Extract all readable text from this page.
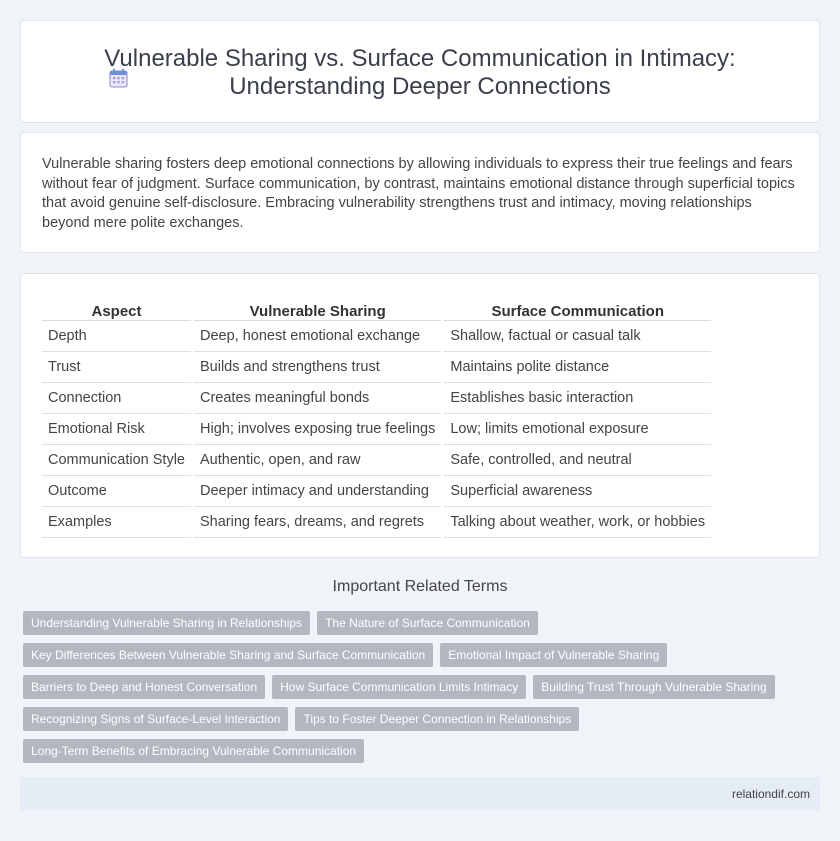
Vulnerable Sharing vs. Surface Communication in Intimacy:
Understanding Deeper Connections

Vulnerable sharing fosters deep emotional connections by allowing individuals to express their true feelings and fears without fear of judgment. Surface communication, by contrast, maintains emotional distance through superficial topics that avoid genuine self-disclosure. Embracing vulnerability strengthens trust and intimacy, moving relationships beyond mere polite exchanges.

Aspect	Vulnerable Sharing	Surface Communication
Depth	Deep, honest emotional exchange	Shallow, factual or casual talk
Trust	Builds and strengthens trust	Maintains polite distance
Connection	Creates meaningful bonds	Establishes basic interaction
Emotional Risk	High; involves exposing true feelings	Low; limits emotional exposure
Communication Style	Authentic, open, and raw	Safe, controlled, and neutral
Outcome	Deeper intimacy and understanding	Superficial awareness
Examples	Sharing fears, dreams, and regrets	Talking about weather, work, or hobbies
Important Related Terms
Understanding Vulnerable Sharing in Relationships	The Nature of Surface Communication
Key Differences Between Vulnerable Sharing and Surface Communication	Emotional Impact of Vulnerable Sharing
Barriers to Deep and Honest Conversation	How Surface Communication Limits Intimacy	Building Trust Through Vulnerable Sharing
Recognizing Signs of Surface-Level Interaction	Tips to Foster Deeper Connection in Relationships
Long-Term Benefits of Embracing Vulnerable Communication
relationdif.com
